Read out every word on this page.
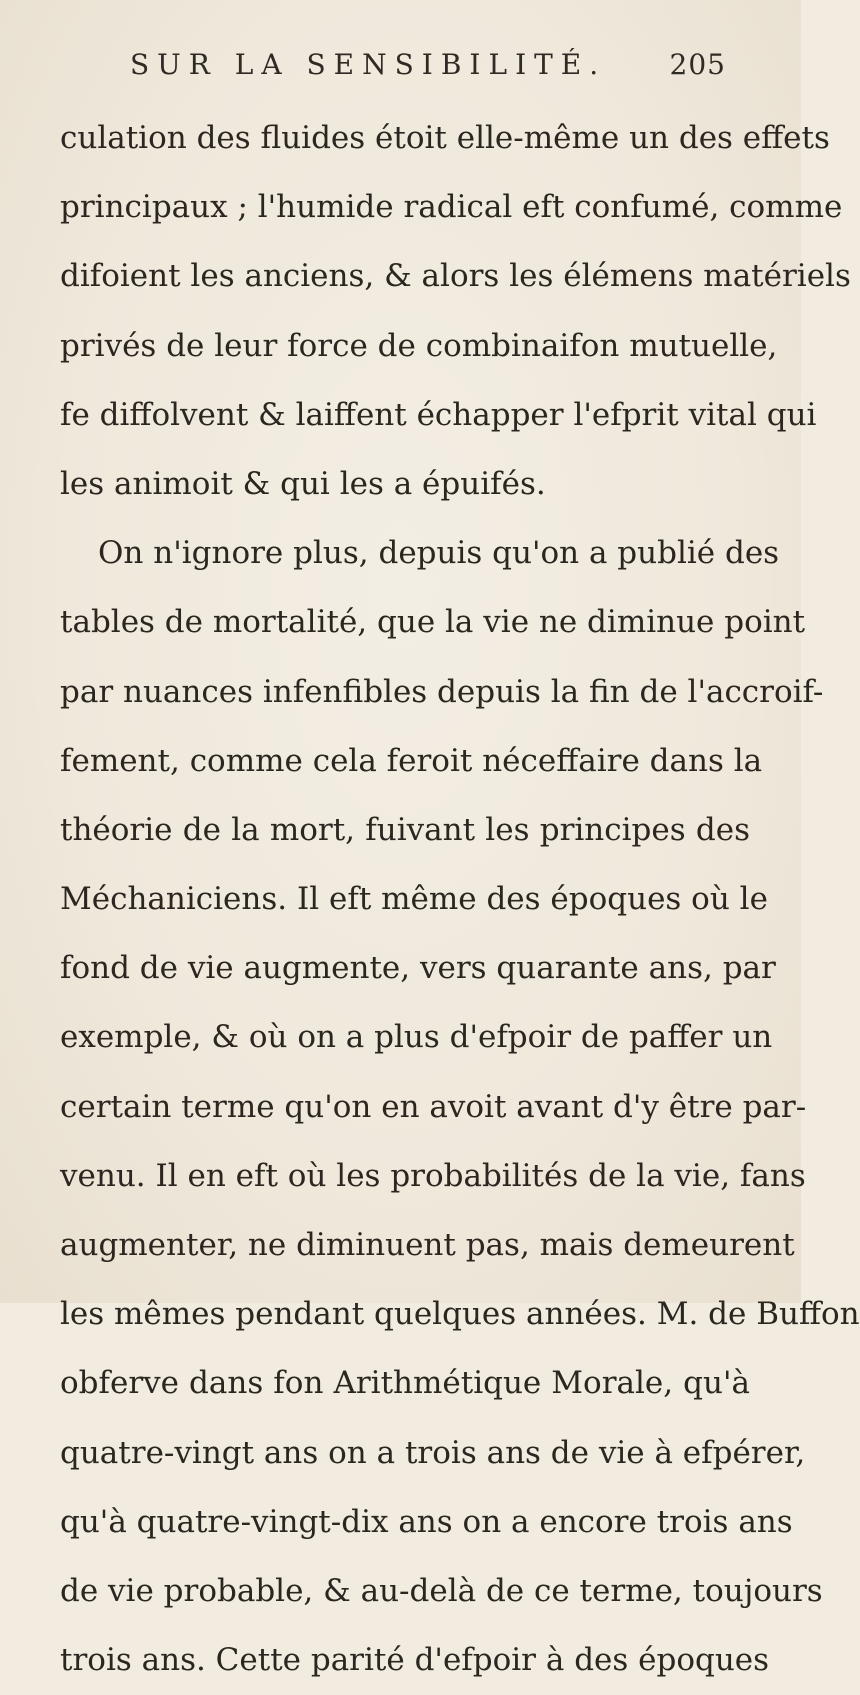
SUR LA SENSIBILITÉ. 205
culation des fluides étoit elle-même un des effets
principaux ; l'humide radical eft confumé, comme
difoient les anciens, & alors les élémens matériels
privés de leur force de combinaifon mutuelle,
fe diffolvent & laiffent échapper l'efprit vital qui
les animoit & qui les a épuifés.
On n'ignore plus, depuis qu'on a publié des
tables de mortalité, que la vie ne diminue point
par nuances infenfibles depuis la fin de l'accroif-
fement, comme cela feroit néceffaire dans la
théorie de la mort, fuivant les principes des
Méchaniciens. Il eft même des époques où le
fond de vie augmente, vers quarante ans, par
exemple, & où on a plus d'efpoir de paffer un
certain terme qu'on en avoit avant d'y être par-
venu. Il en eft où les probabilités de la vie, fans
augmenter, ne diminuent pas, mais demeurent
les mêmes pendant quelques années. M. de Buffon
obferve dans fon Arithmétique Morale, qu'à
quatre-vingt ans on a trois ans de vie à efpérer,
qu'à quatre-vingt-dix ans on a encore trois ans
de vie probable, & au-delà de ce terme, toujours
trois ans. Cette parité d'efpoir à des époques
